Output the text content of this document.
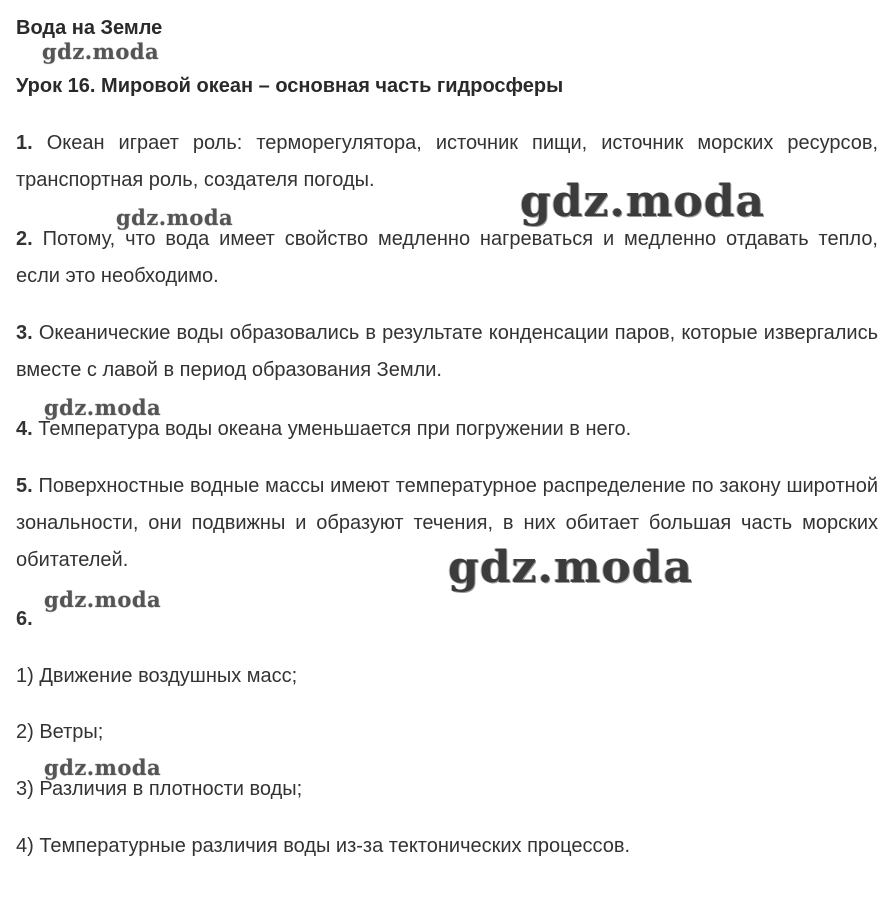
Вода на Земле
Урок 16. Мировой океан – основная часть гидросферы
1. Океан играет роль: терморегулятора, источник пищи, источник морских ресурсов, транспортная роль, создателя погоды.
2. Потому, что вода имеет свойство медленно нагреваться и медленно отдавать тепло, если это необходимо.
3. Океанические воды образовались в результате конденсации паров, которые извергались вместе с лавой в период образования Земли.
4. Температура воды океана уменьшается при погружении в него.
5. Поверхностные водные массы имеют температурное распределение по закону широтной зональности, они подвижны и образуют течения, в них обитает большая часть морских обитателей.
6.
1) Движение воздушных масс;
2) Ветры;
3) Различия в плотности воды;
4) Температурные различия воды из-за тектонических процессов.
gdz.moda
gdz.moda	gdz.moda
gdz.moda
gdz.moda
gdz.moda
gdz.moda
